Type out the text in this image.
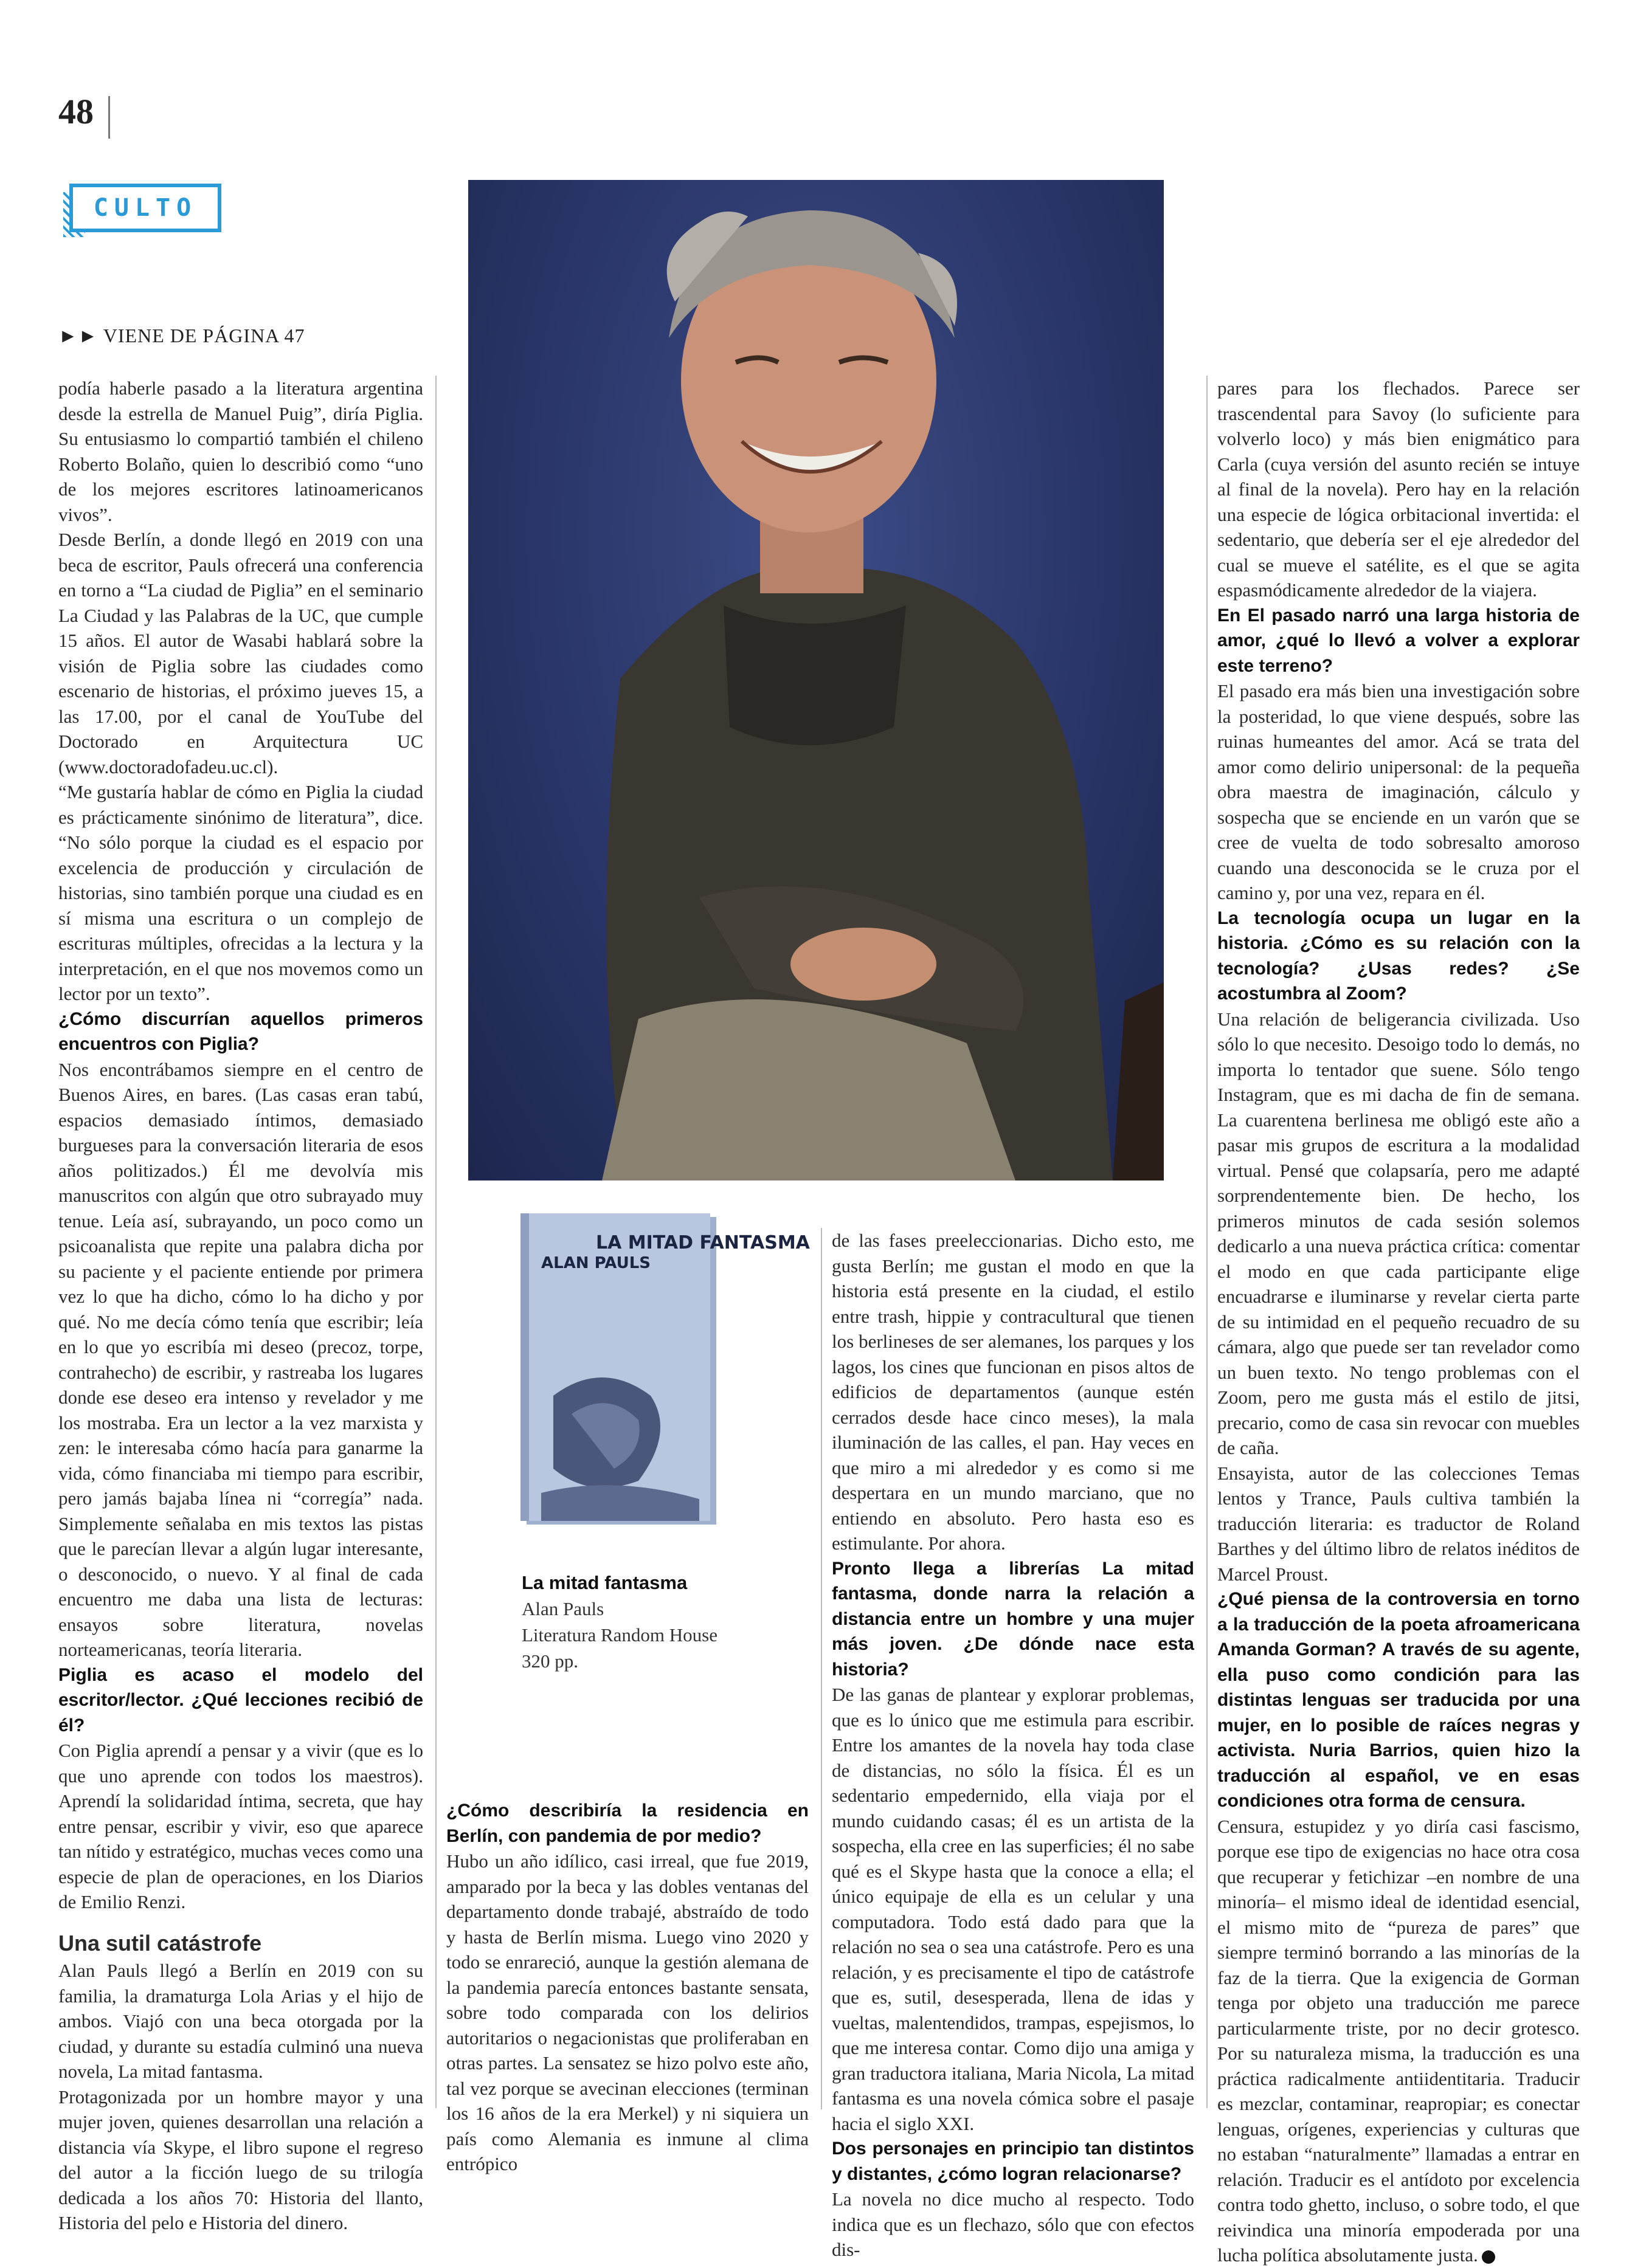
48
CULTO
►► VIENE DE PÁGINA 47

podía haberle pasado a la literatura argentina desde la estrella de Manuel Puig”, diría Piglia. Su entusiasmo lo compartió también el chileno Roberto Bolaño, quien lo describió como “uno de los mejores escritores latinoamericanos vivos”.

Desde Berlín, a donde llegó en 2019 con una beca de escritor, Pauls ofrecerá una conferencia en torno a “La ciudad de Piglia” en el seminario La Ciudad y las Palabras de la UC, que cumple 15 años. El autor de Wasabi hablará sobre la visión de Piglia sobre las ciudades como escenario de historias, el próximo jueves 15, a las 17.00, por el canal de YouTube del Doctorado en Arquitectura UC (www.doctoradofadeu.uc.cl).

“Me gustaría hablar de cómo en Piglia la ciudad es prácticamente sinónimo de literatura”, dice. “No sólo porque la ciudad es el espacio por excelencia de producción y circulación de historias, sino también porque una ciudad es en sí misma una escritura o un complejo de escrituras múltiples, ofrecidas a la lectura y la interpretación, en el que nos movemos como un lector por un texto”.

¿Cómo discurrían aquellos primeros encuentros con Piglia?

Nos encontrábamos siempre en el centro de Buenos Aires, en bares. (Las casas eran tabú, espacios demasiado íntimos, demasiado burgueses para la conversación literaria de esos años politizados.) Él me devolvía mis manuscritos con algún que otro subrayado muy tenue. Leía así, subrayando, un poco como un psicoanalista que repite una palabra dicha por su paciente y el paciente entiende por primera vez lo que ha dicho, cómo lo ha dicho y por qué. No me decía cómo tenía que escribir; leía en lo que yo escribía mi deseo (precoz, torpe, contrahecho) de escribir, y rastreaba los lugares donde ese deseo era intenso y revelador y me los mostraba. Era un lector a la vez marxista y zen: le interesaba cómo hacía para ganarme la vida, cómo financiaba mi tiempo para escribir, pero jamás bajaba línea ni “corregía” nada. Simplemente señalaba en mis textos las pistas que le parecían llevar a algún lugar interesante, o desconocido, o nuevo. Y al final de cada encuentro me daba una lista de lecturas: ensayos sobre literatura, novelas norteamericanas, teoría literaria.

Piglia es acaso el modelo del escritor/lector. ¿Qué lecciones recibió de él?

Con Piglia aprendí a pensar y a vivir (que es lo que uno aprende con todos los maestros). Aprendí la solidaridad íntima, secreta, que hay entre pensar, escribir y vivir, eso que aparece tan nítido y estratégico, muchas veces como una especie de plan de operaciones, en los Diarios de Emilio Renzi.

Una sutil catástrofe

Alan Pauls llegó a Berlín en 2019 con su familia, la dramaturga Lola Arias y el hijo de ambos. Viajó con una beca otorgada por la ciudad, y durante su estadía culminó una nueva novela, La mitad fantasma.

Protagonizada por un hombre mayor y una mujer joven, quienes desarrollan una relación a distancia vía Skype, el libro supone el regreso del autor a la ficción luego de su trilogía dedicada a los años 70: Historia del llanto, Historia del pelo e Historia del dinero.

ALAN PAULS
LA MITAD FANTASMA
La mitad fantasma
Alan Pauls
Literatura Random House
320 pp.

¿Cómo describiría la residencia en Berlín, con pandemia de por medio?

Hubo un año idílico, casi irreal, que fue 2019, amparado por la beca y las dobles ventanas del departamento donde trabajé, abstraído de todo y hasta de Berlín misma. Luego vino 2020 y todo se enrareció, aunque la gestión alemana de la pandemia parecía entonces bastante sensata, sobre todo comparada con los delirios autoritarios o negacionistas que proliferaban en otras partes. La sensatez se hizo polvo este año, tal vez porque se avecinan elecciones (terminan los 16 años de la era Merkel) y ni siquiera un país como Alemania es inmune al clima entrópico

de las fases preeleccionarias. Dicho esto, me gusta Berlín; me gustan el modo en que la historia está presente en la ciudad, el estilo entre trash, hippie y contracultural que tienen los berlineses de ser alemanes, los parques y los lagos, los cines que funcionan en pisos altos de edificios de departamentos (aunque estén cerrados desde hace cinco meses), la mala iluminación de las calles, el pan. Hay veces en que miro a mi alrededor y es como si me despertara en un mundo marciano, que no entiendo en absoluto. Pero hasta eso es estimulante. Por ahora.

Pronto llega a librerías La mitad fantasma, donde narra la relación a distancia entre un hombre y una mujer más joven. ¿De dónde nace esta historia?

De las ganas de plantear y explorar problemas, que es lo único que me estimula para escribir. Entre los amantes de la novela hay toda clase de distancias, no sólo la física. Él es un sedentario empedernido, ella viaja por el mundo cuidando casas; él es un artista de la sospecha, ella cree en las superficies; él no sabe qué es el Skype hasta que la conoce a ella; el único equipaje de ella es un celular y una computadora. Todo está dado para que la relación no sea o sea una catástrofe. Pero es una relación, y es precisamente el tipo de catástrofe que es, sutil, desesperada, llena de idas y vueltas, malentendidos, trampas, espejismos, lo que me interesa contar. Como dijo una amiga y gran traductora italiana, Maria Nicola, La mitad fantasma es una novela cómica sobre el pasaje hacia el siglo XXI.

Dos personajes en principio tan distintos y distantes, ¿cómo logran relacionarse?

La novela no dice mucho al respecto. Todo indica que es un flechazo, sólo que con efectos dis-

pares para los flechados. Parece ser trascendental para Savoy (lo suficiente para volverlo loco) y más bien enigmático para Carla (cuya versión del asunto recién se intuye al final de la novela). Pero hay en la relación una especie de lógica orbitacional invertida: el sedentario, que debería ser el eje alrededor del cual se mueve el satélite, es el que se agita espasmódicamente alrededor de la viajera.

En El pasado narró una larga historia de amor, ¿qué lo llevó a volver a explorar este terreno?

El pasado era más bien una investigación sobre la posteridad, lo que viene después, sobre las ruinas humeantes del amor. Acá se trata del amor como delirio unipersonal: de la pequeña obra maestra de imaginación, cálculo y sospecha que se enciende en un varón que se cree de vuelta de todo sobresalto amoroso cuando una desconocida se le cruza por el camino y, por una vez, repara en él.

La tecnología ocupa un lugar en la historia. ¿Cómo es su relación con la tecnología? ¿Usas redes? ¿Se acostumbra al Zoom?

Una relación de beligerancia civilizada. Uso sólo lo que necesito. Desoigo todo lo demás, no importa lo tentador que suene. Sólo tengo Instagram, que es mi dacha de fin de semana. La cuarentena berlinesa me obligó este año a pasar mis grupos de escritura a la modalidad virtual. Pensé que colapsaría, pero me adapté sorprendentemente bien. De hecho, los primeros minutos de cada sesión solemos dedicarlo a una nueva práctica crítica: comentar el modo en que cada participante elige encuadrarse e iluminarse y revelar cierta parte de su intimidad en el pequeño recuadro de su cámara, algo que puede ser tan revelador como un buen texto. No tengo problemas con el Zoom, pero me gusta más el estilo de jitsi, precario, como de casa sin revocar con muebles de caña.

Ensayista, autor de las colecciones Temas lentos y Trance, Pauls cultiva también la traducción literaria: es traductor de Roland Barthes y del último libro de relatos inéditos de Marcel Proust.

¿Qué piensa de la controversia en torno a la traducción de la poeta afroamericana Amanda Gorman? A través de su agente, ella puso como condición para las distintas lenguas ser traducida por una mujer, en lo posible de raíces negras y activista. Nuria Barrios, quien hizo la traducción al español, ve en esas condiciones otra forma de censura.

Censura, estupidez y yo diría casi fascismo, porque ese tipo de exigencias no hace otra cosa que recuperar y fetichizar –en nombre de una minoría– el mismo ideal de identidad esencial, el mismo mito de “pureza de pares” que siempre terminó borrando a las minorías de la faz de la tierra. Que la exigencia de Gorman tenga por objeto una traducción me parece particularmente triste, por no decir grotesco. Por su naturaleza misma, la traducción es una práctica radicalmente antiidentitaria. Traducir es mezclar, contaminar, reapropiar; es conectar lenguas, orígenes, experiencias y culturas que no estaban “naturalmente” llamadas a entrar en relación. Traducir es el antídoto por excelencia contra todo ghetto, incluso, o sobre todo, el que reivindica una minoría empoderada por una lucha política absolutamente justa.
